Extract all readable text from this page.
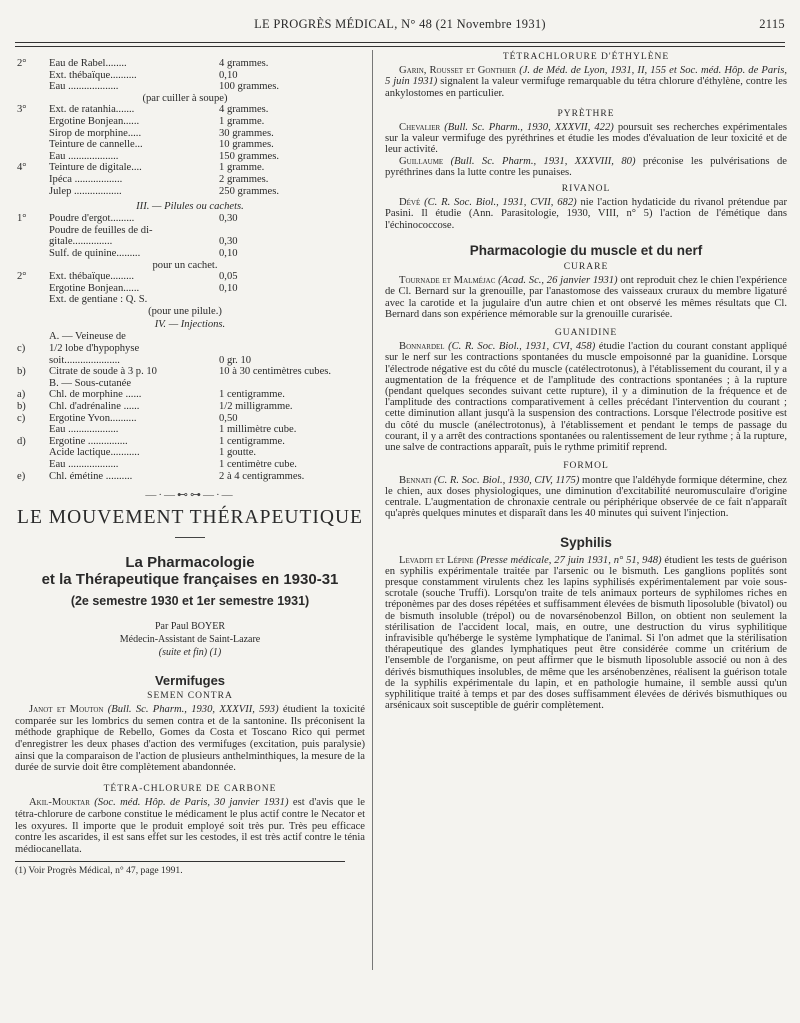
LE PROGRÈS MÉDICAL, N° 48 (21 Novembre 1931)	2115
2° Eau de Rabel........	4 grammes.
Ext. thébaïque..........	0,10
Eau ...................	100 grammes.
(par cuiller à soupe)
3° Ext. de ratanhia.......	4 grammes.
Ergotine Bonjean......	1 gramme.
Sirop de morphine.....	30 grammes.
Teinture de cannelle...	10 grammes.
Eau ...................	150 grammes.
4° Teinture de digitale....	1 gramme.
Ipéca ..................	2 grammes.
Julep ..................	250 grammes.
III. — Pilules ou cachets.
1° Poudre d'ergot.........	0,30
Poudre de feuilles de di-
gitale...............	0,30
Sulf. de quinine.........	0,10
pour un cachet.
2° Ext. thébaïque.........	0,05
Ergotine Bonjean......	0,10
Ext. de gentiane : Q. S.
(pour une pilule.)
IV. — Injections.
A. — Veineuse de
c) 1/2 lobe d'hypophyse
soit.....................	0 gr. 10
b) Citrate de soude à 3 p. 10	10 à 30 centimètres cubes.
B. — Sous-cutanée
a) Chl. de morphine ......	1 centigramme.
b) Chl. d'adrénaline ......	1/2 milligramme.
c) Ergotine Yvon..........	0,50
Eau ...................	1 millimètre cube.
d) Ergotine ...............	1 centigramme.
Acide lactique...........	1 goutte.
Eau ...................	1 centimètre cube.
e) Chl. émétine ..........	2 à 4 centigrammes.
—·—⊷⊶—·—
LE MOUVEMENT THÉRAPEUTIQUE
La Pharmacologie
et la Thérapeutique françaises en 1930-31
(2e semestre 1930 et 1er semestre 1931)
Par Paul BOYER
Médecin-Assistant de Saint-Lazare
(suite et fin) (1)
Vermifuges
SEMEN CONTRA

Janot et Mouton (Bull. Sc. Pharm., 1930, XXXVII, 593) étudient la toxicité comparée sur les lombrics du semen contra et de la santonine. Ils préconisent la méthode graphique de Rebello, Gomes da Costa et Toscano Rico qui permet d'enregistrer les deux phases d'action des vermifuges (excitation, puis paralysie) ainsi que la comparaison de l'action de plusieurs anthelminthiques, la mesure de la durée de survie doit être complètement abandonnée.

TÉTRA-CHLORURE DE CARBONE

Akil-Mouktar (Soc. méd. Hôp. de Paris, 30 janvier 1931) est d'avis que le tétra-chlorure de carbone constitue le médicament le plus actif contre le Necator et les oxyures. Il importe que le produit employé soit très pur. Très peu efficace contre les ascarides, il est sans effet sur les cestodes, il est très actif contre le ténia médiocanellata.

(1) Voir Progrès Médical, n° 47, page 1991.
TÉTRACHLORURE D'ÉTHYLÈNE

Garin, Rousset et Gonthier (J. de Méd. de Lyon, 1931, II, 155 et Soc. méd. Hôp. de Paris, 5 juin 1931) signalent la valeur vermifuge remarquable du tétra chlorure d'éthylène, contre les ankylostomes en particulier.

PYRÈTHRE

Chevalier (Bull. Sc. Pharm., 1930, XXXVII, 422) poursuit ses recherches expérimentales sur la valeur vermifuge des pyréthrines et étudie les modes d'évaluation de leur toxicité et de leur activité.

Guillaume (Bull. Sc. Pharm., 1931, XXXVIII, 80) préconise les pulvérisations de pyréthrines dans la lutte contre les punaises.

RIVANOL

Dévé (C. R. Soc. Biol., 1931, CVII, 682) nie l'action hydaticide du rivanol prétendue par Pasini. Il étudie (Ann. Parasitologie, 1930, VIII, n° 5) l'action de l'émétique dans l'échinococcose.

Pharmacologie du muscle et du nerf
CURARE

Tournade et Malméjac (Acad. Sc., 26 janvier 1931) ont reproduit chez le chien l'expérience de Cl. Bernard sur la grenouille, par l'anastomose des vaisseaux cruraux du membre ligaturé avec la carotide et la jugulaire d'un autre chien et ont observé les mêmes résultats que Cl. Bernard dans son expérience mémorable sur la grenouille curarisée.

GUANIDINE

Bonnardel (C. R. Soc. Biol., 1931, CVI, 458) étudie l'action du courant constant appliqué sur le nerf sur les contractions spontanées du muscle empoisonné par la guanidine. Lorsque l'électrode négative est du côté du muscle (catélectrotonus), à l'établissement du courant, il y a augmentation de la fréquence et de l'amplitude des contractions spontanées ; à la rupture (pendant quelques secondes suivant cette rupture), il y a diminution de la fréquence et de l'amplitude des contractions comparativement à celles précédant l'intervention du courant ; cette diminution allant jusqu'à la suspension des contractions. Lorsque l'électrode positive est du côté du muscle (anélectrotonus), à l'établissement et pendant le temps de passage du courant, il y a arrêt des contractions spontanées ou ralentissement de leur rythme ; à la rupture, une salve de contractions apparaît, puis le rythme primitif reprend.

FORMOL

Bennati (C. R. Soc. Biol., 1930, CIV, 1175) montre que l'aldéhyde formique détermine, chez le chien, aux doses physiologiques, une diminution d'excitabilité neuromusculaire d'origine centrale. L'augmentation de chronaxie centrale ou périphérique observée de ce fait n'apparaît qu'après quelques minutes et disparaît dans les 40 minutes qui suivent l'injection.

Syphilis

Levaditi et Lépine (Presse médicale, 27 juin 1931, n° 51, 948) étudient les tests de guérison en syphilis expérimentale traitée par l'arsenic ou le bismuth. Les ganglions poplités sont presque constamment virulents chez les lapins syphilisés expérimentalement par voie sous-scrotale (souche Truffi). Lorsqu'on traite de tels animaux porteurs de syphilomes riches en tréponèmes par des doses répétées et suffisamment élevées de bismuth liposoluble (bivatol) ou de bismuth insoluble (trépol) ou de novarsénobenzol Billon, on obtient non seulement la stérilisation de l'accident local, mais, en outre, une destruction du virus syphilitique infravisible qu'héberge le système lymphatique de l'animal. Si l'on admet que la stérilisation thérapeutique des glandes lymphatiques peut être considérée comme un critérium de l'ensemble de l'organisme, on peut affirmer que le bismuth liposoluble associé ou non à des dérivés bismuthiques insolubles, de même que les arsénobenzènes, réalisent la guérison totale de la syphilis expérimentale du lapin, et en pathologie humaine, il semble aussi qu'un syphilitique traité à temps et par des doses suffisamment élevées de dérivés bismuthiques ou arsénicaux soit susceptible de guérir complètement.
